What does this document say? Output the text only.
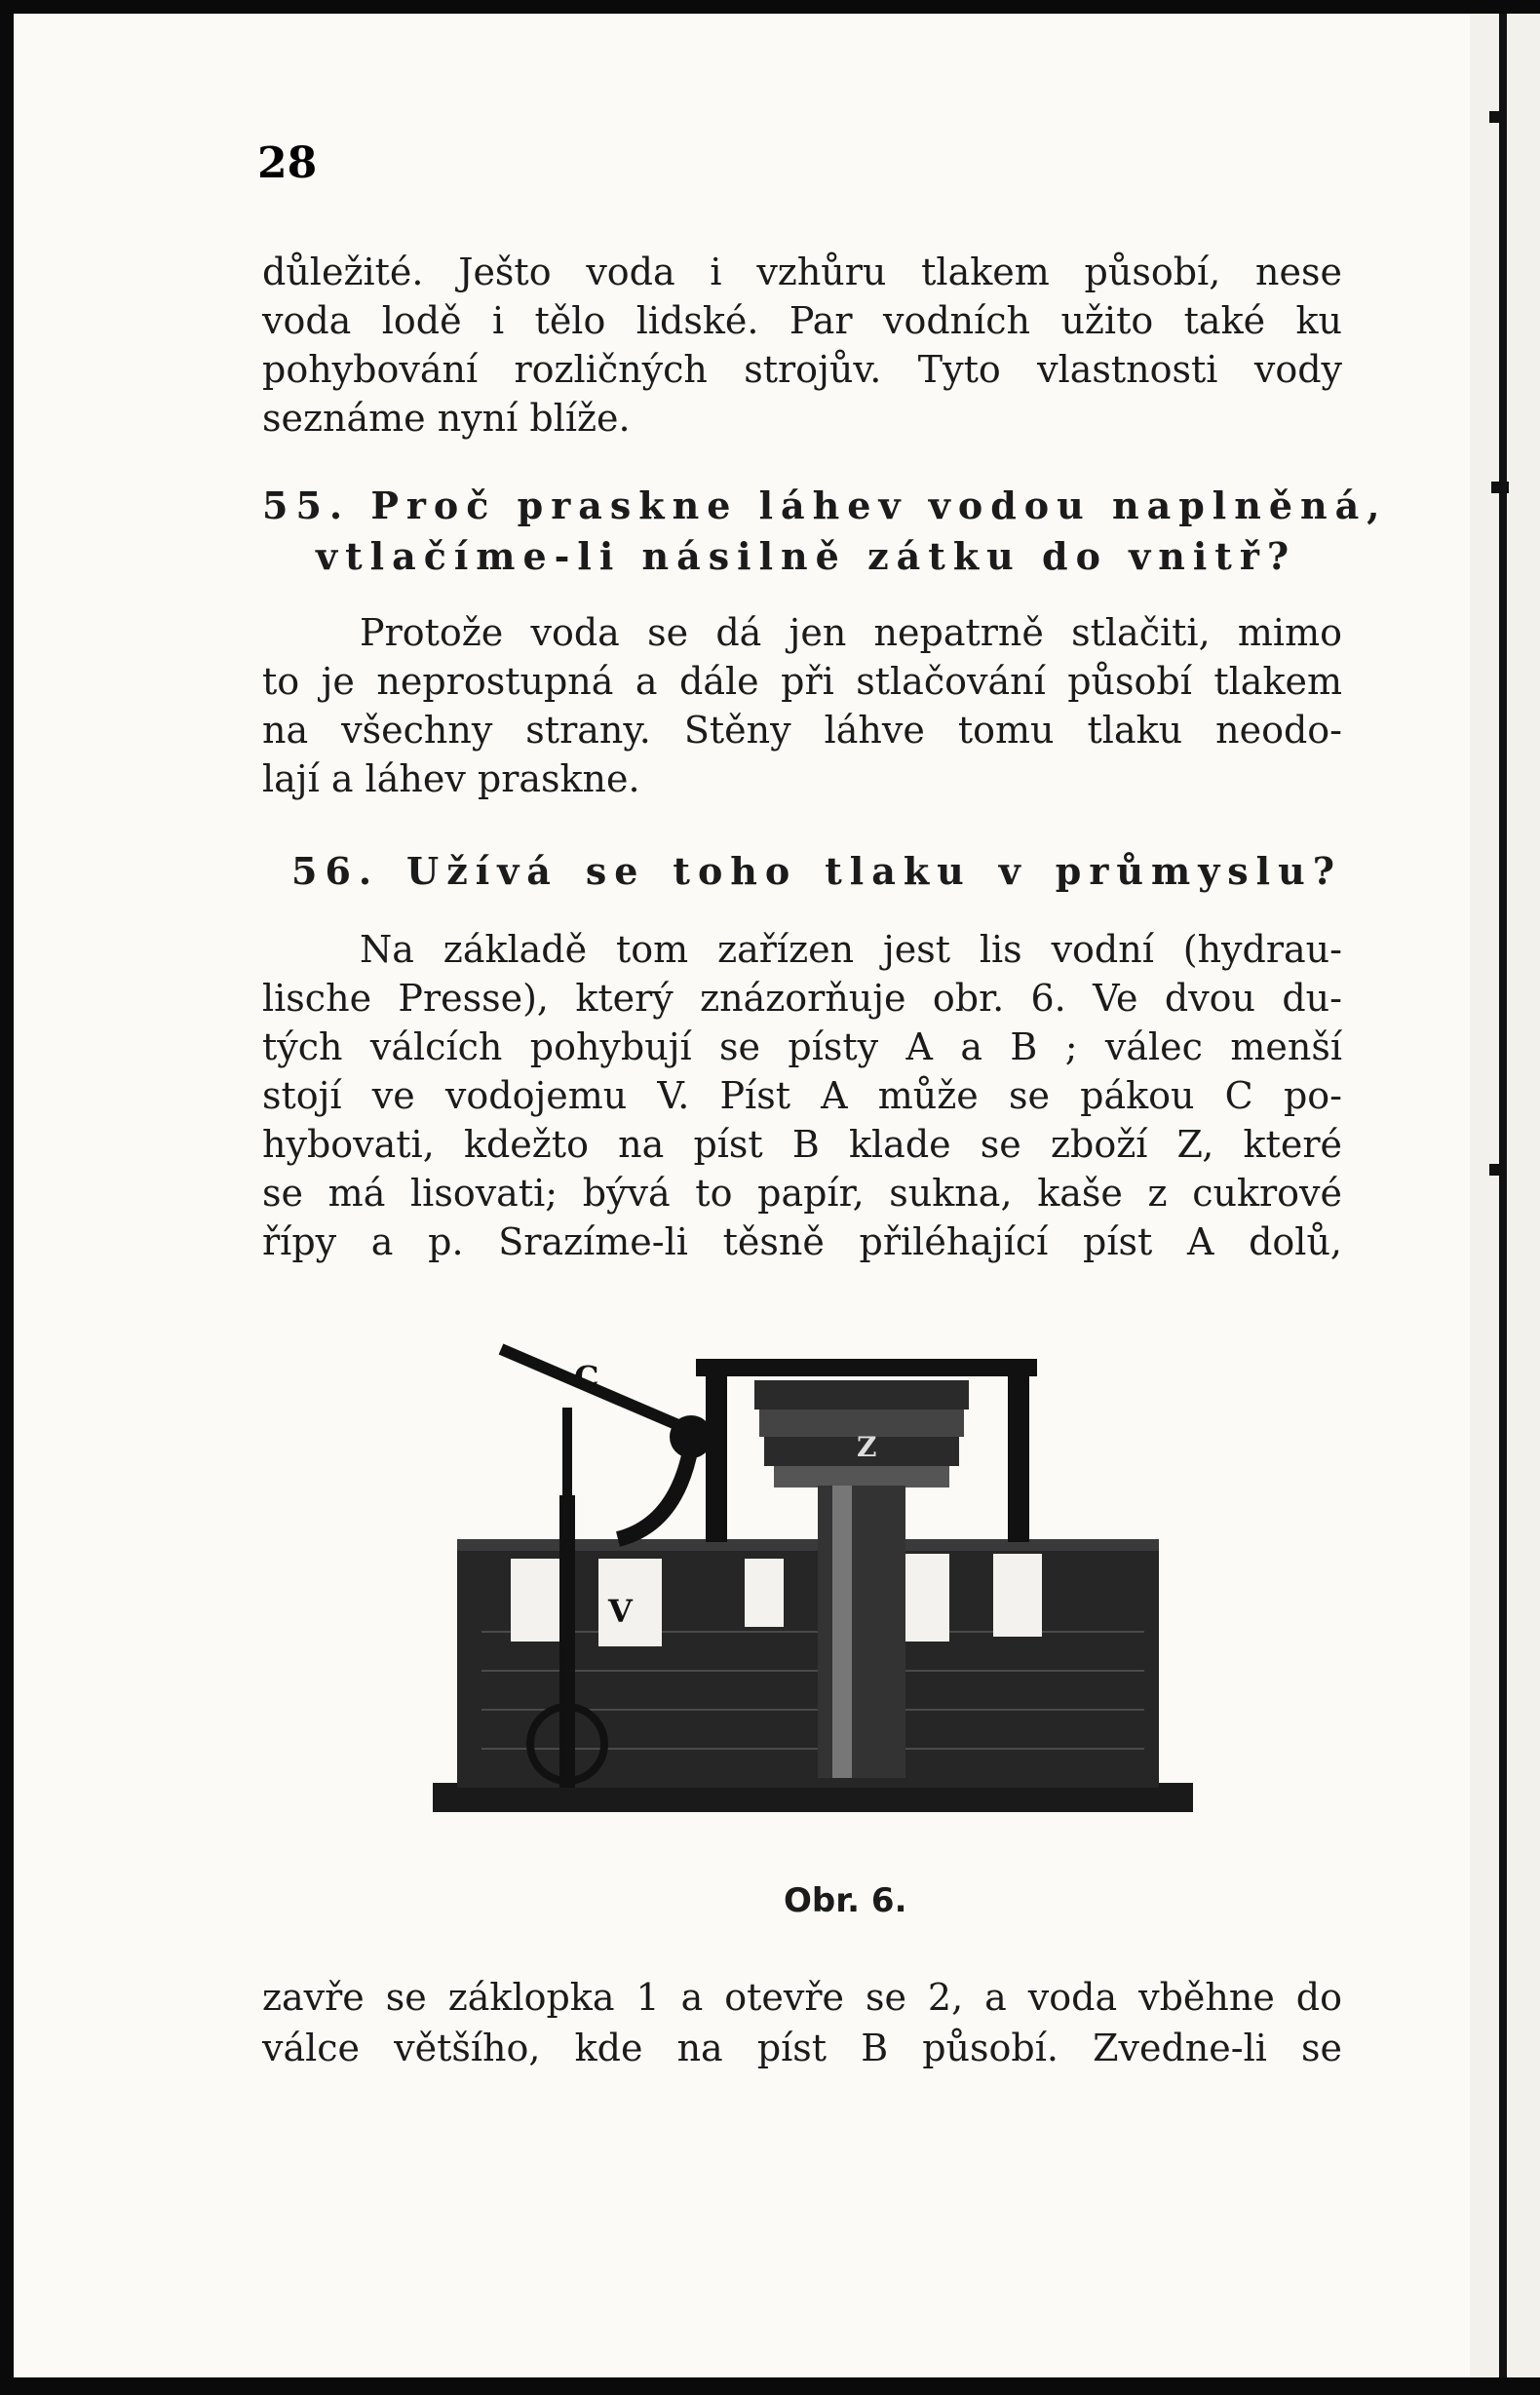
28
důležité. Ješto voda i vzhůru tlakem působí, nese
voda lodě i tělo lidské. Par vodních užito také ku
pohybování rozličných strojův. Tyto vlastnosti vody
seznáme nyní blíže.
55. Proč praskne láhev vodou naplněná,
vtlačíme-li násilně zátku do vnitř?
Protože voda se dá jen nepatrně stlačiti, mimo
to je neprostupná a dále při stlačování působí tlakem
na všechny strany. Stěny láhve tomu tlaku neodo-
lají a láhev praskne.
56. Užívá se toho tlaku v průmyslu?
Na základě tom zařízen jest lis vodní (hydrau-
lische Presse), který znázorňuje obr. 6. Ve dvou du-
tých válcích pohybují se písty A a B ; válec menší
stojí ve vodojemu V. Píst A může se pákou C po-
hybovati, kdežto na píst B klade se zboží Z, které
se má lisovati; bývá to papír, sukna, kaše z cukrové
řípy a p. Srazíme-li těsně přiléhající píst A dolů,
zavře se záklopka 1 a otevře se 2, a voda vběhne do
válce většího, kde na píst B působí. Zvedne-li se
C
V
Z
Obr. 6.
